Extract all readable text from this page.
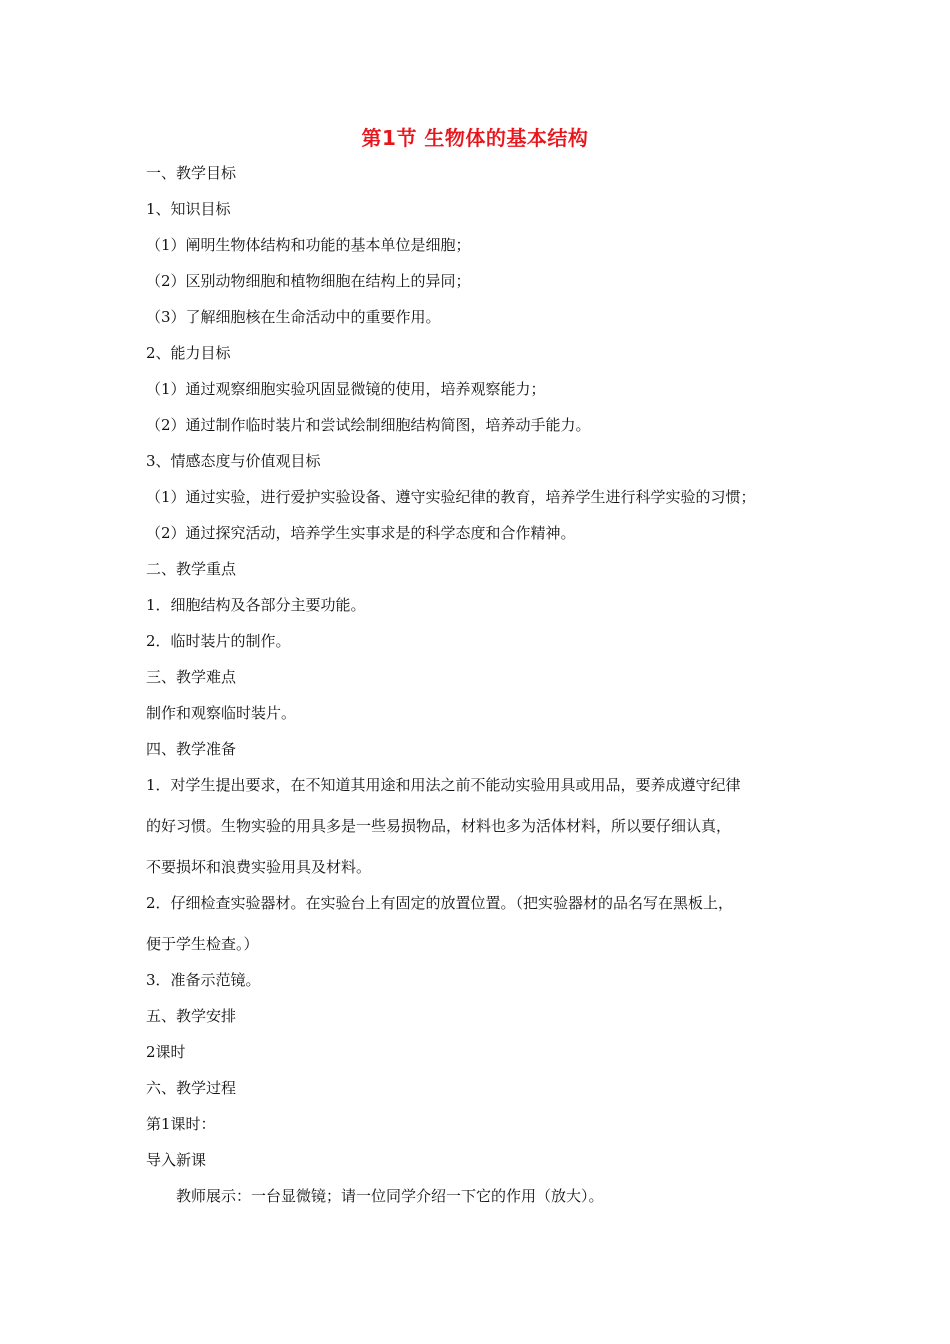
第1节 生物体的基本结构
一、教学目标
1、知识目标
（1）阐明生物体结构和功能的基本单位是细胞；
（2）区别动物细胞和植物细胞在结构上的异同；
（3）了解细胞核在生命活动中的重要作用。
2、能力目标
（1）通过观察细胞实验巩固显微镜的使用，培养观察能力；
（2）通过制作临时装片和尝试绘制细胞结构简图，培养动手能力。
3、情感态度与价值观目标
（1）通过实验，进行爱护实验设备、遵守实验纪律的教育，培养学生进行科学实验的习惯；
（2）通过探究活动，培养学生实事求是的科学态度和合作精神。
二、教学重点
1．细胞结构及各部分主要功能。
2．临时装片的制作。
三、教学难点
制作和观察临时装片。
四、教学准备
1．对学生提出要求，在不知道其用途和用法之前不能动实验用具或用品，要养成遵守纪律
的好习惯。生物实验的用具多是一些易损物品，材料也多为活体材料，所以要仔细认真，
不要损坏和浪费实验用具及材料。
2．仔细检查实验器材。在实验台上有固定的放置位置。（把实验器材的品名写在黑板上，
便于学生检查。）
3．准备示范镜。
五、教学安排
2课时
六、教学过程
第1课时：
导入新课
教师展示：一台显微镜；请一位同学介绍一下它的作用（放大）。
